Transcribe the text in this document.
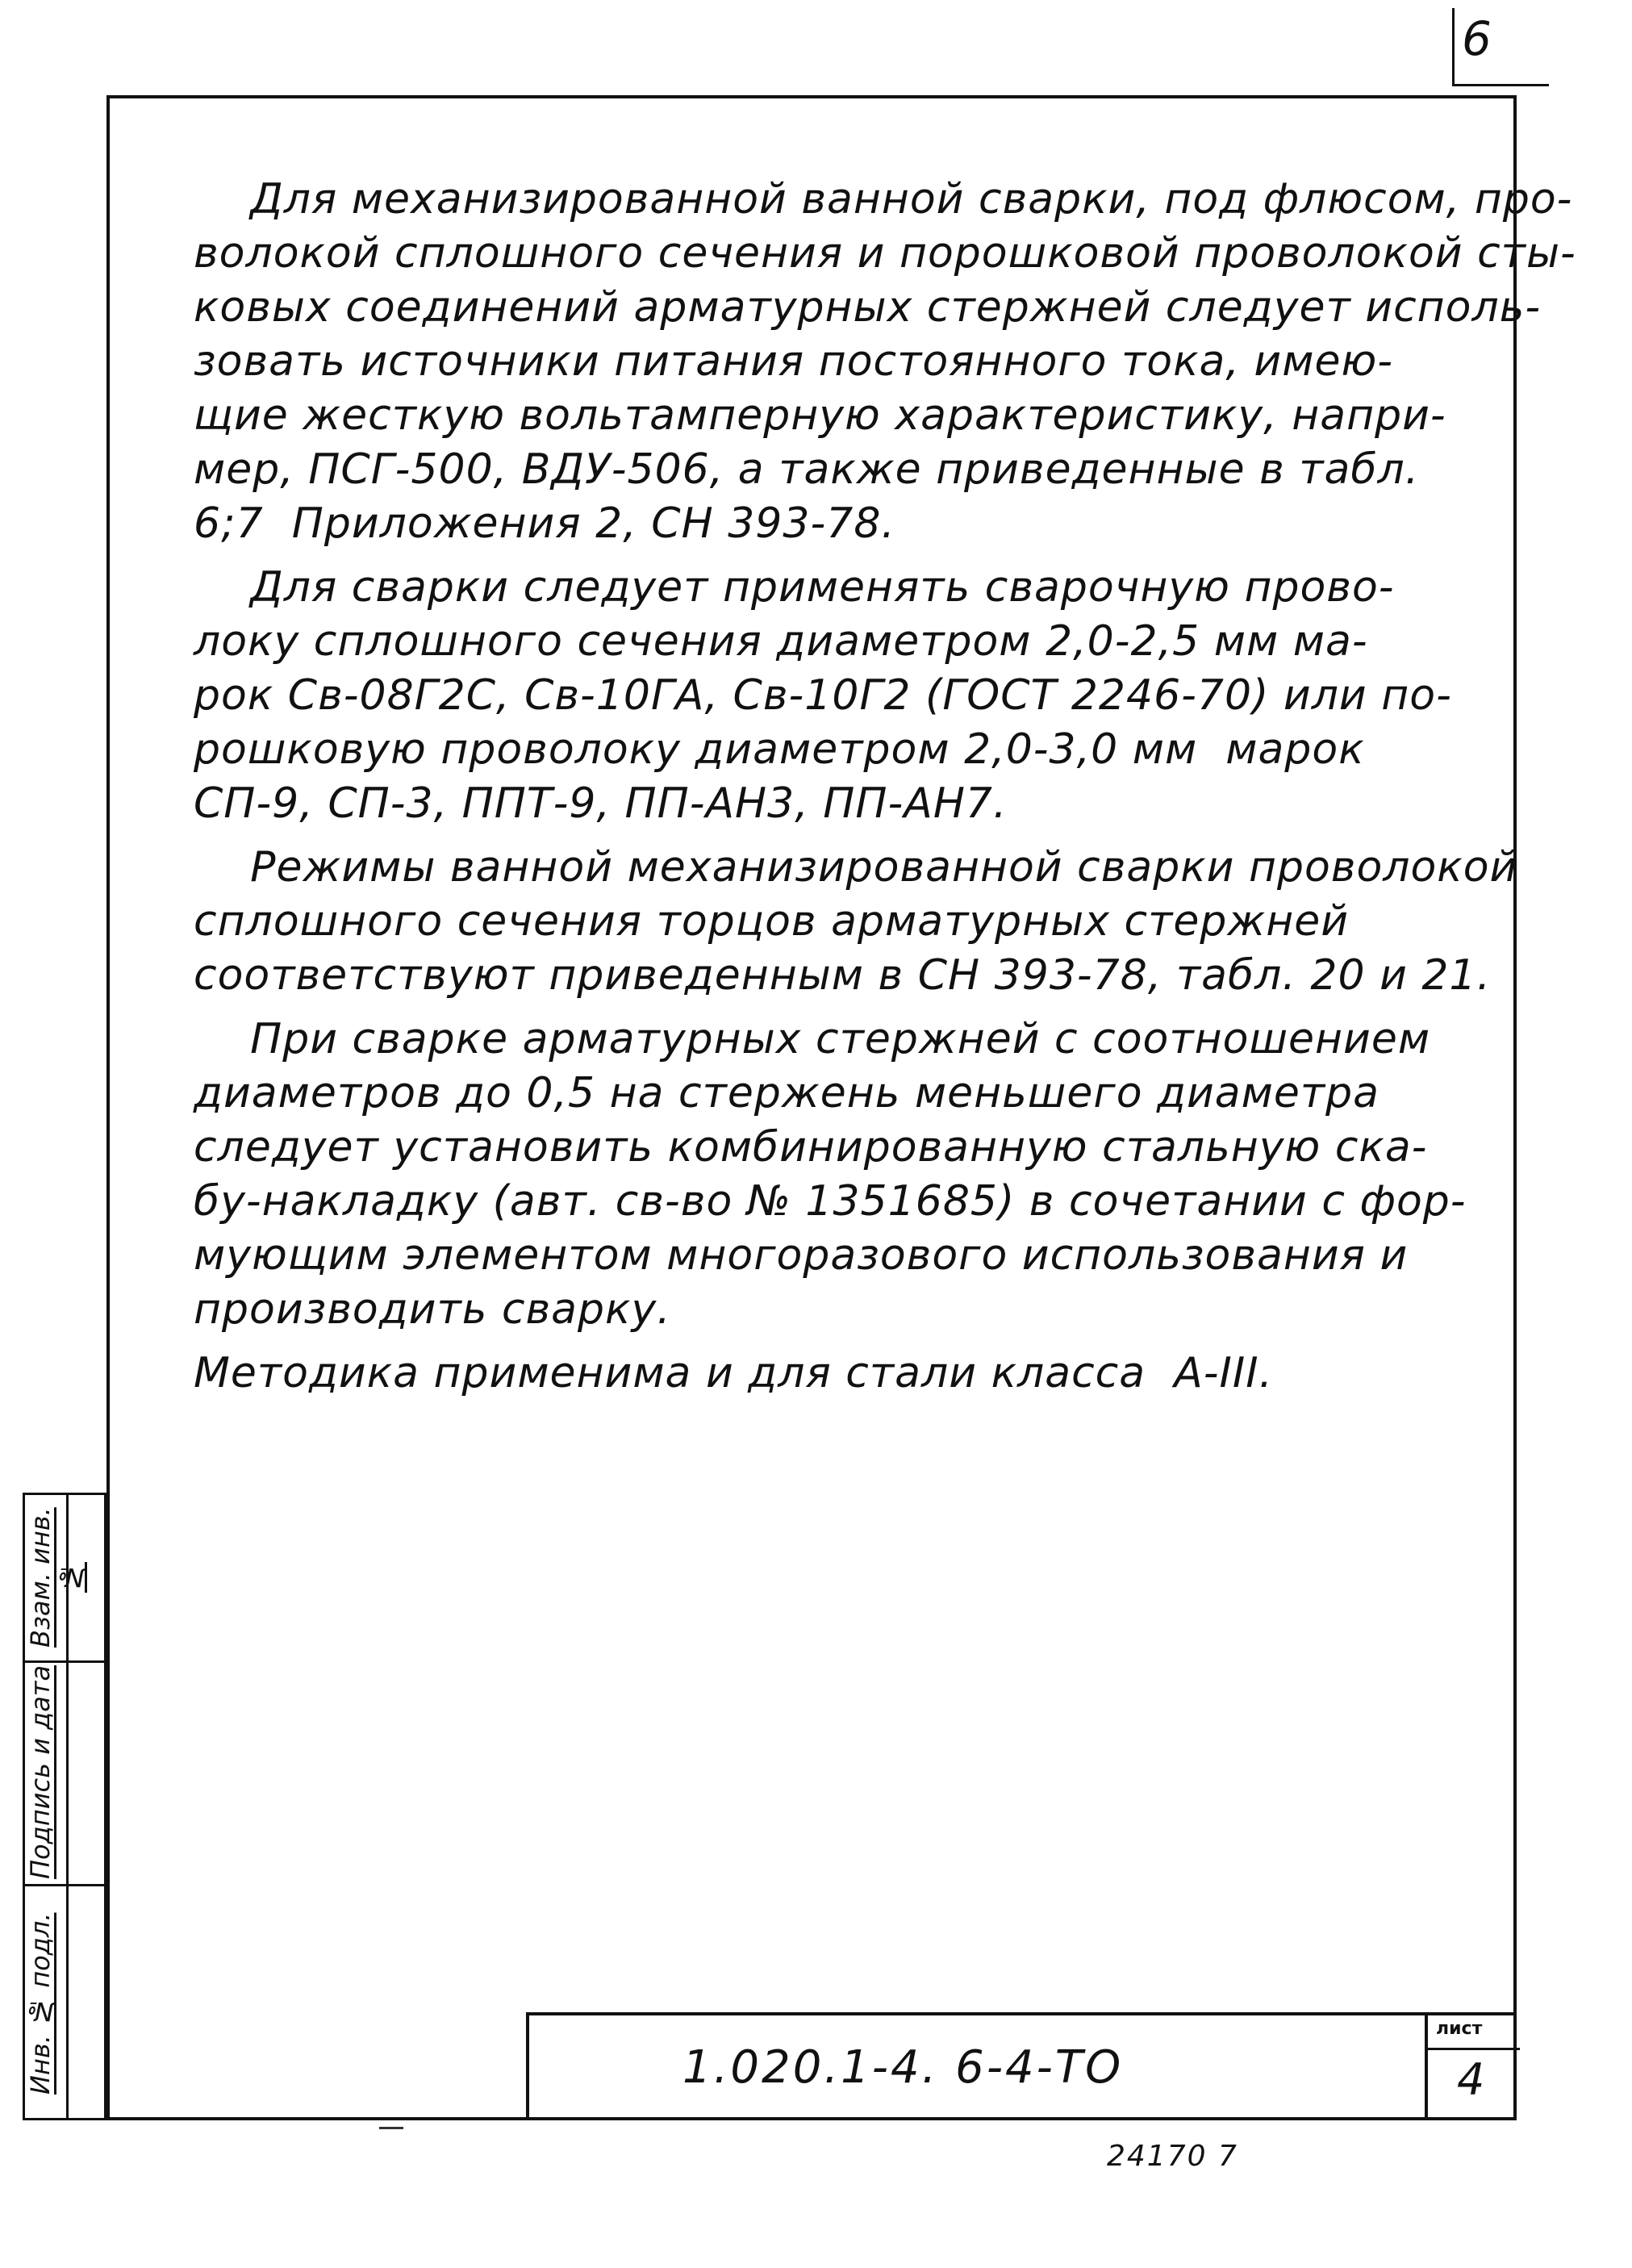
6

Для механизированной ванной сварки, под флюсом, про-

волокой сплошного сечения и порошковой проволокой сты-

ковых соединений арматурных стержней следует исполь-

зовать источники питания постоянного тока, имею-

щие жесткую вольтамперную характеристику, напри-

мер, ПСГ-500, ВДУ-506, а также приведенные в табл.

6;7  Приложения 2, СН 393-78.

Для сварки следует применять сварочную прово-

локу сплошного сечения диаметром 2,0-2,5 мм ма-

рок Св-08Г2С, Св-10ГА, Св-10Г2 (ГОСТ 2246-70) или по-

рошковую проволоку диаметром 2,0-3,0 мм  марок

СП-9, СП-3, ППТ-9, ПП-АН3, ПП-АН7.

Режимы ванной механизированной сварки проволокой

сплошного сечения торцов арматурных стержней

соответствуют приведенным в СН 393-78, табл. 20 и 21.

При сварке арматурных стержней с соотношением

диаметров до 0,5 на стержень меньшего диаметра

следует установить комбинированную стальную ска-

бу-накладку (авт. св-во № 1351685) в сочетании с фор-

мующим элементом многоразового использования и

производить сварку.

Методика применима и для стали класса  А-III.

Взам. инв. №
Подпись и дата
Инв. № подл.	1.020.1-4. 6-4-ТО
лист
4
24170 7
